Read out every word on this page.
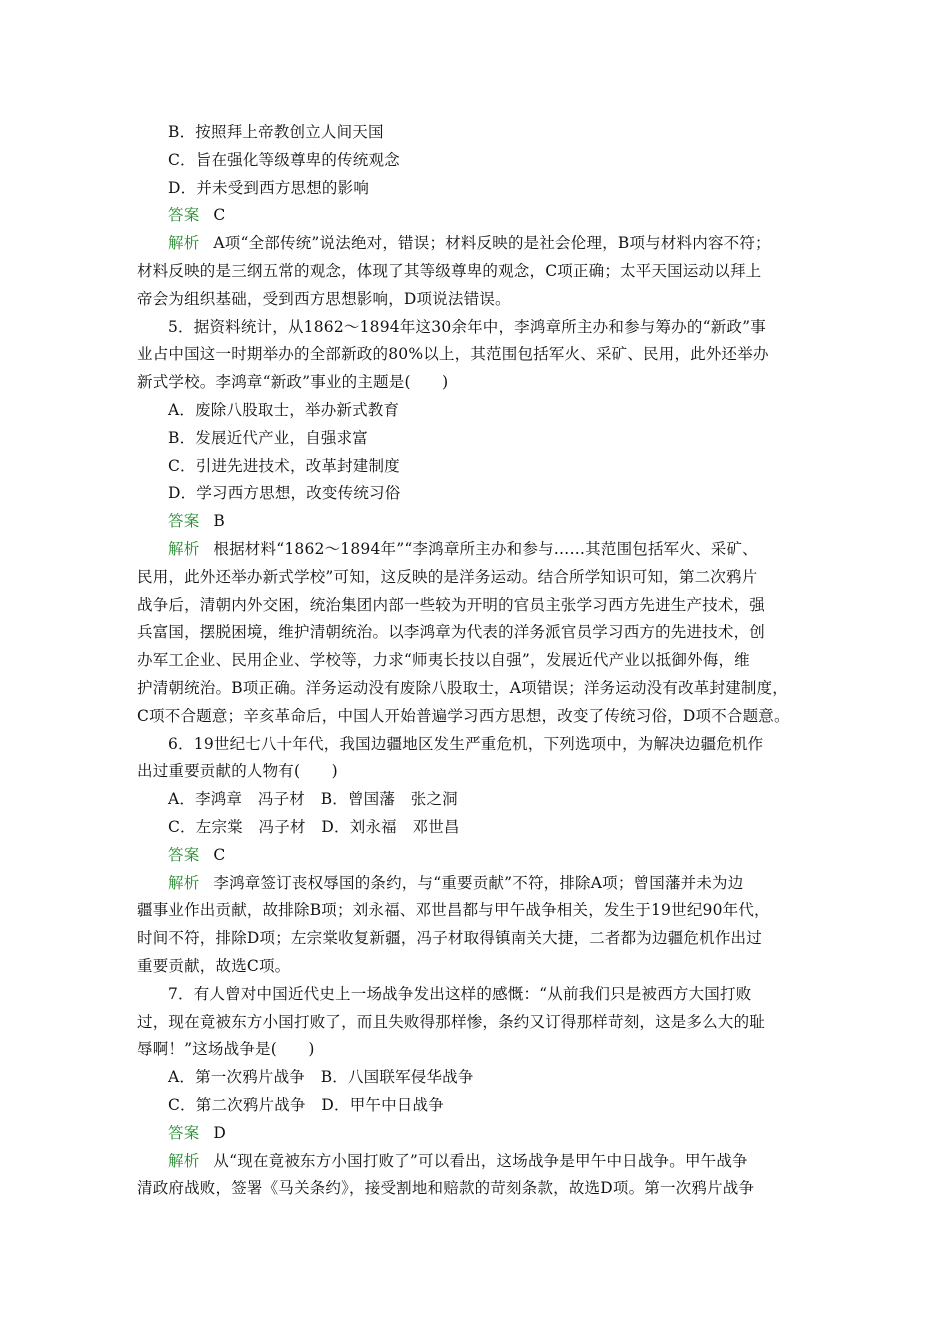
B．按照拜上帝教创立人间天国
C．旨在强化等级尊卑的传统观念
D．并未受到西方思想的影响
答案 C
解析 A项“全部传统”说法绝对，错误；材料反映的是社会伦理，B项与材料内容不符；
材料反映的是三纲五常的观念，体现了其等级尊卑的观念，C项正确；太平天国运动以拜上
帝会为组织基础，受到西方思想影响，D项说法错误。
5．据资料统计，从1862～1894年这30余年中，李鸿章所主办和参与筹办的“新政”事
业占中国这一时期举办的全部新政的80%以上，其范围包括军火、采矿、民用，此外还举办
新式学校。李鸿章“新政”事业的主题是(　　)
A．废除八股取士，举办新式教育
B．发展近代产业，自强求富
C．引进先进技术，改革封建制度
D．学习西方思想，改变传统习俗
答案 B
解析 根据材料“1862～1894年”“李鸿章所主办和参与……其范围包括军火、采矿、
民用，此外还举办新式学校”可知，这反映的是洋务运动。结合所学知识可知，第二次鸦片
战争后，清朝内外交困，统治集团内部一些较为开明的官员主张学习西方先进生产技术，强
兵富国，摆脱困境，维护清朝统治。以李鸿章为代表的洋务派官员学习西方的先进技术，创
办军工企业、民用企业、学校等，力求“师夷长技以自强”，发展近代产业以抵御外侮，维
护清朝统治。B项正确。洋务运动没有废除八股取士，A项错误；洋务运动没有改革封建制度，
C项不合题意；辛亥革命后，中国人开始普遍学习西方思想，改变了传统习俗，D项不合题意。
6．19世纪七八十年代，我国边疆地区发生严重危机，下列选项中，为解决边疆危机作
出过重要贡献的人物有(　　)
A．李鸿章　冯子材　B．曾国藩　张之洞
C．左宗棠　冯子材　D．刘永福　邓世昌
答案 C
解析 李鸿章签订丧权辱国的条约，与“重要贡献”不符，排除A项；曾国藩并未为边
疆事业作出贡献，故排除B项；刘永福、邓世昌都与甲午战争相关，发生于19世纪90年代，
时间不符，排除D项；左宗棠收复新疆，冯子材取得镇南关大捷，二者都为边疆危机作出过
重要贡献，故选C项。
7．有人曾对中国近代史上一场战争发出这样的感慨：“从前我们只是被西方大国打败
过，现在竟被东方小国打败了，而且失败得那样惨，条约又订得那样苛刻，这是多么大的耻
辱啊！”这场战争是(　　)
A．第一次鸦片战争　B．八国联军侵华战争
C．第二次鸦片战争　D．甲午中日战争
答案 D
解析 从“现在竟被东方小国打败了”可以看出，这场战争是甲午中日战争。甲午战争
清政府战败，签署《马关条约》，接受割地和赔款的苛刻条款，故选D项。第一次鸦片战争
